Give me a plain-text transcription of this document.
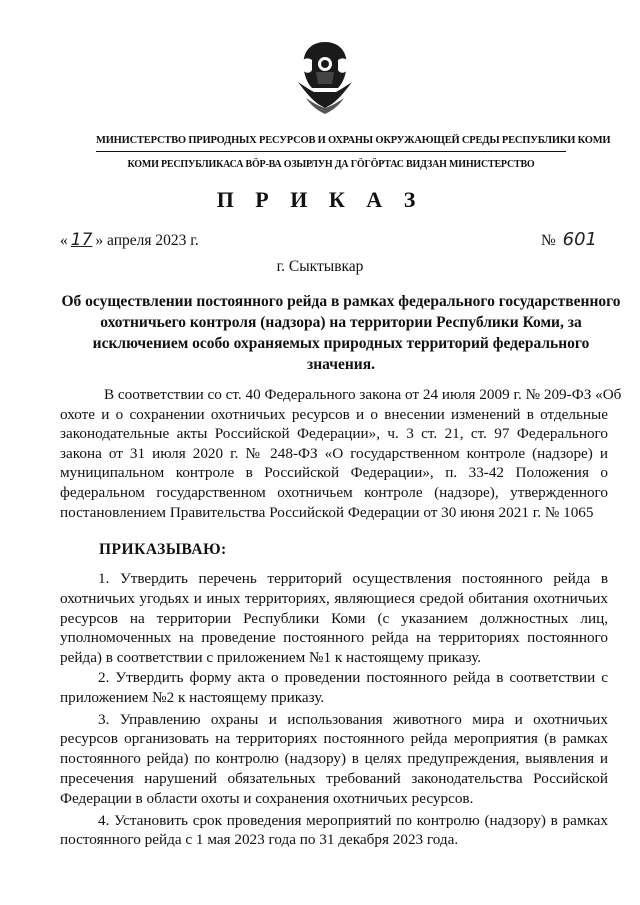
МИНИСТЕРСТВО ПРИРОДНЫХ РЕСУРСОВ И ОХРАНЫ ОКРУЖАЮЩЕЙ СРЕДЫ РЕСПУБЛИКИ КОМИ
КОМИ РЕСПУБЛИКАСА ВӦР-ВА ОЗЫРЛУН ДА ГӦГӦРТАС ВИДЗАН МИНИСТЕРСТВО
П Р И К А З
« 17 » апреля 2023 г.	№ 601
г. Сыктывкар
Об осуществлении постоянного рейда в рамках федерального государственного
охотничьего контроля (надзора) на территории Республики Коми, за
исключением особо охраняемых природных территорий федерального
значения.
В соответствии со ст. 40 Федерального закона от 24 июля 2009 г. № 209-ФЗ «Об
охоте и о сохранении охотничьих ресурсов и о внесении изменений в отдельные
законодательные акты Российской Федерации», ч. 3 ст. 21, ст. 97 Федерального
закона от 31 июля 2020 г. № 248-ФЗ «О государственном контроле (надзоре) и
муниципальном контроле в Российской Федерации», п. 33-42 Положения о
федеральном государственном охотничьем контроле (надзоре), утвержденного
постановлением Правительства Российской Федерации от 30 июня 2021 г. № 1065
ПРИКАЗЫВАЮ:
1. Утвердить перечень территорий осуществления постоянного рейда в
охотничьих угодьях и иных территориях, являющиеся средой обитания охотничьих
ресурсов на территории Республики Коми (с указанием должностных лиц,
уполномоченных на проведение постоянного рейда на территориях постоянного
рейда) в соответствии с приложением №1 к настоящему приказу.
2. Утвердить форму акта о проведении постоянного рейда в соответствии с
приложением №2 к настоящему приказу.
3. Управлению охраны и использования животного мира и охотничьих
ресурсов организовать на территориях постоянного рейда мероприятия (в рамках
постоянного рейда) по контролю (надзору) в целях предупреждения, выявления и
пресечения нарушений обязательных требований законодательства Российской
Федерации в области охоты и сохранения охотничьих ресурсов.
4. Установить срок проведения мероприятий по контролю (надзору) в рамках
постоянного рейда с 1 мая 2023 года по 31 декабря 2023 года.
